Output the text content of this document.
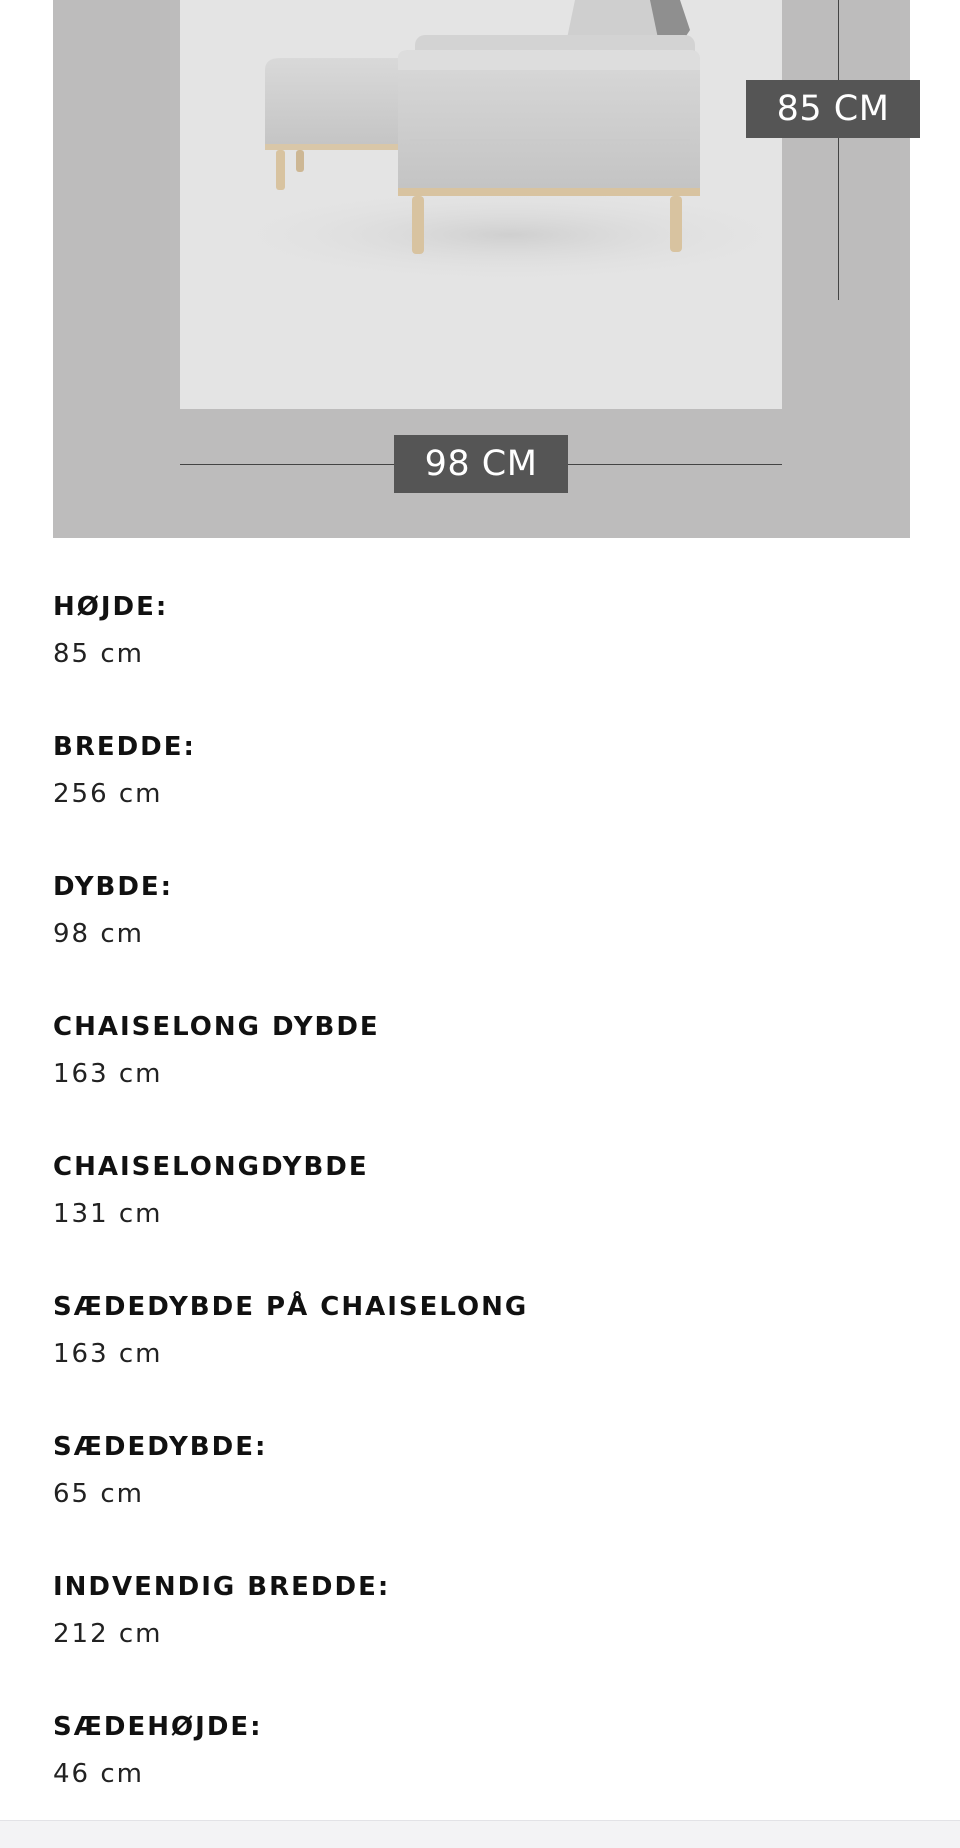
85 CM
98 CM
HØJDE:
85 cm
BREDDE:
256 cm
DYBDE:
98 cm
CHAISELONG DYBDE
163 cm
CHAISELONGDYBDE
131 cm
SÆDEDYBDE PÅ CHAISELONG
163 cm
SÆDEDYBDE:
65 cm
INDVENDIG BREDDE:
212 cm
SÆDEHØJDE:
46 cm
